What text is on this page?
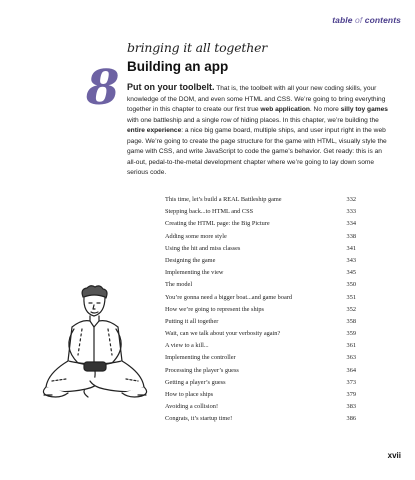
table of contents
bringing it all together
Building an app
8 Put on your toolbelt. That is, the toolbelt with all your new coding skills, your knowledge of the DOM, and even some HTML and CSS. We’re going to bring everything together in this chapter to create our first true web application. No more silly toy games with one battleship and a single row of hiding places. In this chapter, we’re building the entire experience: a nice big game board, multiple ships, and user input right in the web page. We’re going to create the page structure for the game with HTML, visually style the game with CSS, and write JavaScript to code the game’s behavior. Get ready: this is an all-out, pedal-to-the-metal development chapter where we’re going to lay down some serious code.
This time, let’s build a REAL Battleship game	332
Stepping back...to HTML and CSS	333
Creating the HTML page: the Big Picture	334
Adding some more style	338
Using the hit and miss classes	341
Designing the game	343
Implementing the view	345
The model	350
You’re gonna need a bigger boat...and game board	351
How we’re going to represent the ships	352
Putting it all together	358
Wait, can we talk about your verbosity again?	359
A view to a kill...	361
Implementing the controller	363
Processing the player’s guess	364
Getting a player’s guess	373
How to place ships	379
Avoiding a collision!	383
Congrats, it’s startup time!	386
xvii
